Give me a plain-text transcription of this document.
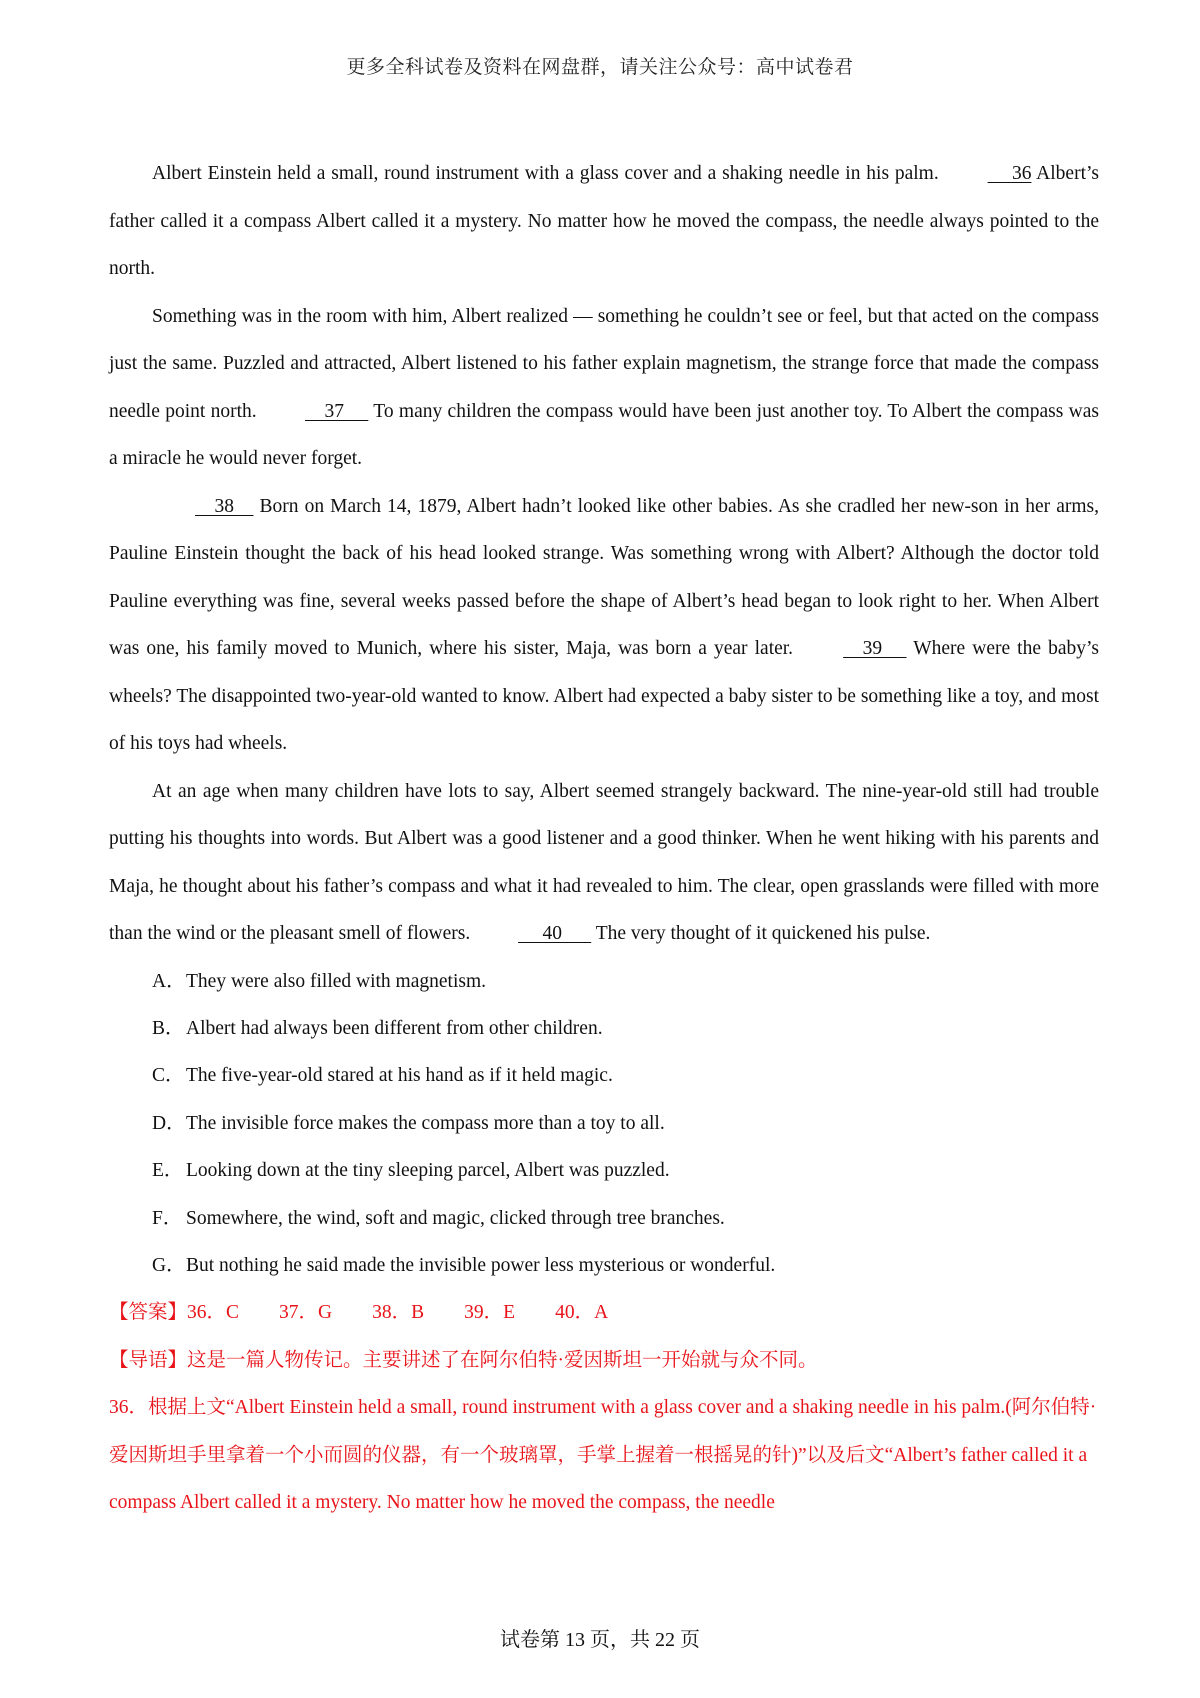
更多全科试卷及资料在网盘群，请关注公众号：高中试卷君

Albert Einstein held a small, round instrument with a glass cover and a shaking needle in his palm.      36 Albert’s father called it a compass Albert called it a mystery. No matter how he moved the compass, the needle always pointed to the north.

Something was in the room with him, Albert realized — something he couldn’t see or feel, but that acted on the compass just the same. Puzzled and attracted, Albert listened to his father explain magnetism, the strange force that made the compass needle point north.     37      To many children the compass would have been just another toy. To Albert the compass was a miracle he would never forget.

38     Born on March 14, 1879, Albert hadn’t looked like other babies. As she cradled her new-son in her arms, Pauline Einstein thought the back of his head looked strange. Was something wrong with Albert? Although the doctor told Pauline everything was fine, several weeks passed before the shape of Albert’s head began to look right to her. When Albert was one, his family moved to Munich, where his sister, Maja, was born a year later.     39      Where were the baby’s wheels? The disappointed two-year-old wanted to know. Albert had expected a baby sister to be something like a toy, and most of his toys had wheels.

At an age when many children have lots to say, Albert seemed strangely backward. The nine-year-old still had trouble putting his thoughts into words. But Albert was a good listener and a good thinker. When he went hiking with his parents and Maja, he thought about his father’s compass and what it had revealed to him. The clear, open grasslands were filled with more than the wind or the pleasant smell of flowers.      40       The very thought of it quickened his pulse.

A．They were also filled with magnetism.
B．Albert had always been different from other children.
C．The five-year-old stared at his hand as if it held magic.
D．The invisible force makes the compass more than a toy to all.
E． Looking down at the tiny sleeping parcel, Albert was puzzled.
F． Somewhere, the wind, soft and magic, clicked through tree branches.
G．But nothing he said made the invisible power less mysterious or wonderful.

【答案】36．C 37．G 38．B 39．E 40．A

【导语】这是一篇人物传记。主要讲述了在阿尔伯特·爱因斯坦一开始就与众不同。

36．根据上文“Albert Einstein held a small, round instrument with a glass cover and a shaking needle in his palm.(阿尔伯特·爱因斯坦手里拿着一个小而圆的仪器，有一个玻璃罩，手掌上握着一根摇晃的针)”以及后文“Albert’s father called it a compass Albert called it a mystery. No matter how he moved the compass, the needle

试卷第 13 页，共 22 页
